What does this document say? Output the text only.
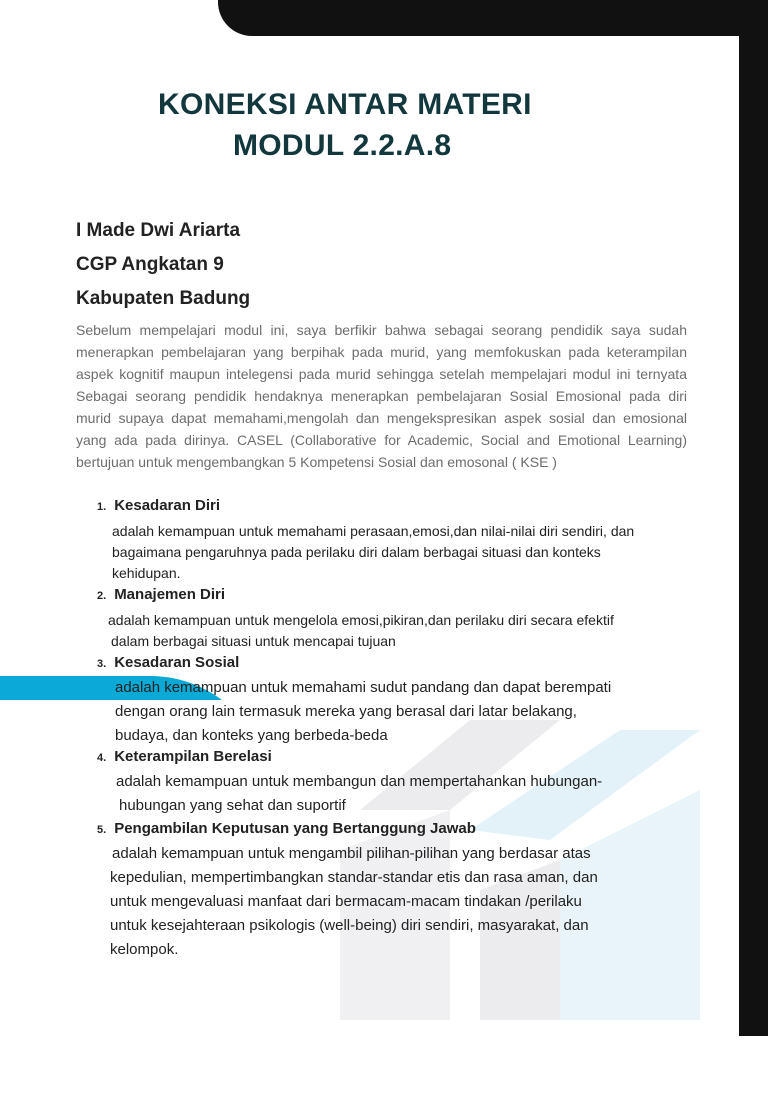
KONEKSI ANTAR MATERI
MODUL 2.2.A.8

I Made Dwi Ariarta

CGP Angkatan 9

Kabupaten Badung

Sebelum mempelajari modul ini, saya berfikir bahwa sebagai seorang pendidik saya sudah menerapkan pembelajaran yang berpihak pada murid, yang memfokuskan pada keterampilan aspek kognitif maupun intelegensi pada murid sehingga setelah mempelajari modul ini ternyata Sebagai seorang pendidik hendaknya menerapkan pembelajaran Sosial Emosional pada diri murid supaya dapat memahami,mengolah dan mengekspresikan aspek sosial dan emosional yang ada pada dirinya. CASEL (Collaborative for Academic, Social and Emotional Learning) bertujuan untuk mengembangkan 5 Kompetensi Sosial dan emosonal ( KSE )

1. Kesadaran Diri

adalah kemampuan untuk memahami perasaan,emosi,dan nilai-nilai diri sendiri, dan
bagaimana pengaruhnya pada perilaku diri dalam berbagai situasi dan konteks
kehidupan.

2. Manajemen Diri

adalah kemampuan untuk mengelola emosi,pikiran,dan perilaku diri secara efektif
dalam berbagai situasi untuk mencapai tujuan

3. Kesadaran Sosial

adalah kemampuan untuk memahami sudut pandang dan dapat berempati
dengan orang lain termasuk mereka yang berasal dari latar belakang,
budaya, dan konteks yang berbeda-beda

4. Keterampilan Berelasi

adalah kemampuan untuk membangun dan mempertahankan hubungan-
hubungan yang sehat dan suportif

5. Pengambilan Keputusan yang Bertanggung Jawab

adalah kemampuan untuk mengambil pilihan-pilihan yang berdasar atas
kepedulian, mempertimbangkan standar-standar etis dan rasa aman, dan
untuk mengevaluasi manfaat dari bermacam-macam tindakan /perilaku
untuk kesejahteraan psikologis (well-being) diri sendiri, masyarakat, dan
kelompok.
